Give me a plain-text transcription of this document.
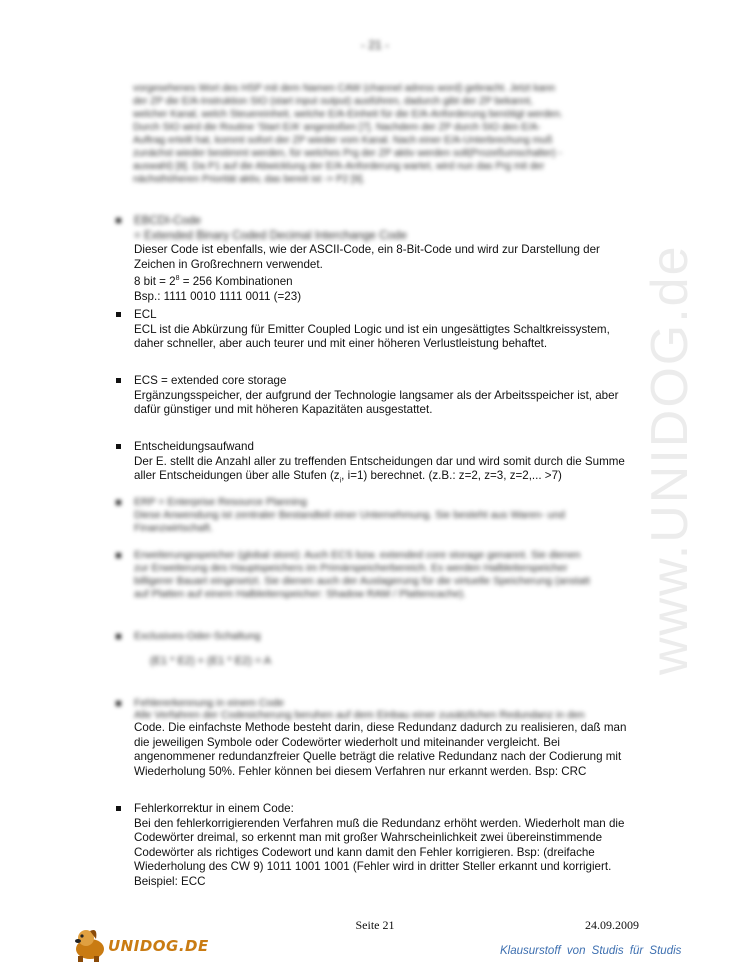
www.UNIDOG.de
- 21 -
vorgesehenes Wort des HSP mit dem Namen CAW (channel adress word) gebracht. Jetzt kann
der ZP die E/A-Instruktion SIO (start input output) ausführen, dadurch gibt der ZP bekannt,
welcher Kanal, welch Steuereinheit, welche E/A-Einheit für die E/A-Anforderung benötigt werden.
Durch SIO wird die Routine 'Start E/A' angestoßen [7]. Nachdem der ZP durch SIO den E/A-
Auftrag erteilt hat, kommt sofort der ZP wieder vom Kanal. Nach einer E/A-Unterbrechung muß
zunächst wieder bestimmt werden, für welches Prg der ZP aktiv werden soll(Prozeßumschalter) -
auswahl) [8]. Da P1 auf die Abwicklung der E/A-Anforderung wartet, wird nun das Prg mit der
nächsthöheren Priorität aktiv, das bereit ist -> P2 [9].
EBCDI-Code
= Extended Binary Coded Decimal Interchange Code
Dieser Code ist ebenfalls, wie der ASCII-Code, ein 8-Bit-Code und wird zur Darstellung der
Zeichen in Großrechnern verwendet.
8 bit = $2^8 = 256$ Kombinationen
Bsp.: 1111 0010 1111 0011 (=23)
ECL
ECL ist die Abkürzung für Emitter Coupled Logic und ist ein ungesättigtes Schaltkreissystem,
daher schneller, aber auch teurer und mit einer höheren Verlustleistung behaftet.
ECS = extended core storage
Ergänzungsspeicher, der aufgrund der Technologie langsamer als der Arbeitsspeicher ist, aber
dafür günstiger und mit höheren Kapazitäten ausgestattet.
Entscheidungsaufwand
Der E. stellt die Anzahl aller zu treffenden Entscheidungen dar und wird somit durch die Summe
aller Entscheidungen über alle Stufen ($z_i$, i=1) berechnet. (z.B.: z=2, z=3, z=2,... >7)
ERP = Enterprise Resource Planning
Diese Anwendung ist zentraler Bestandteil einer Unternehmung. Sie besteht aus Waren- und
Finanzwirtschaft.
Erweiterungsspeicher (global store): Auch ECS bzw. extended core storage genannt. Sie dienen
zur Erweiterung des Hauptspeichers im Primärspeicherbereich. Es werden Halbleiterspeicher
billigerer Bauart eingesetzt. Sie dienen auch der Auslagerung für die virtuelle Speicherung (anstatt
auf Platten auf einem Halbleiterspeicher: Shadow RAM / Plattencache).
Exclusives-Oder-Schaltung
(E1 * E2) + (E1 * E2) = A
Fehlererkennung in einem Code
Alle Verfahren der Codesicherung beruhen auf dem Einbau einer zusätzlichen Redundanz in den
Code. Die einfachste Methode besteht darin, diese Redundanz dadurch zu realisieren, daß man
die jeweiligen Symbole oder Codewörter wiederholt und miteinander vergleicht. Bei
angenommener redundanzfreier Quelle beträgt die relative Redundanz nach der Codierung mit
Wiederholung 50%. Fehler können bei diesem Verfahren nur erkannt werden. Bsp: CRC
Fehlerkorrektur in einem Code:
Bei den fehlerkorrigierenden Verfahren muß die Redundanz erhöht werden. Wiederholt man die
Codewörter dreimal, so erkennt man mit großer Wahrscheinlichkeit zwei übereinstimmende
Codewörter als richtiges Codewort und kann damit den Fehler korrigieren. Bsp: (dreifache
Wiederholung des CW 9) 1011 1001 1001 (Fehler wird in dritter Steller erkannt und korrigiert.
Beispiel: ECC
Seite 21	24.09.2009
UNIDOG.DE	Klausurstoff von Studis für Studis
